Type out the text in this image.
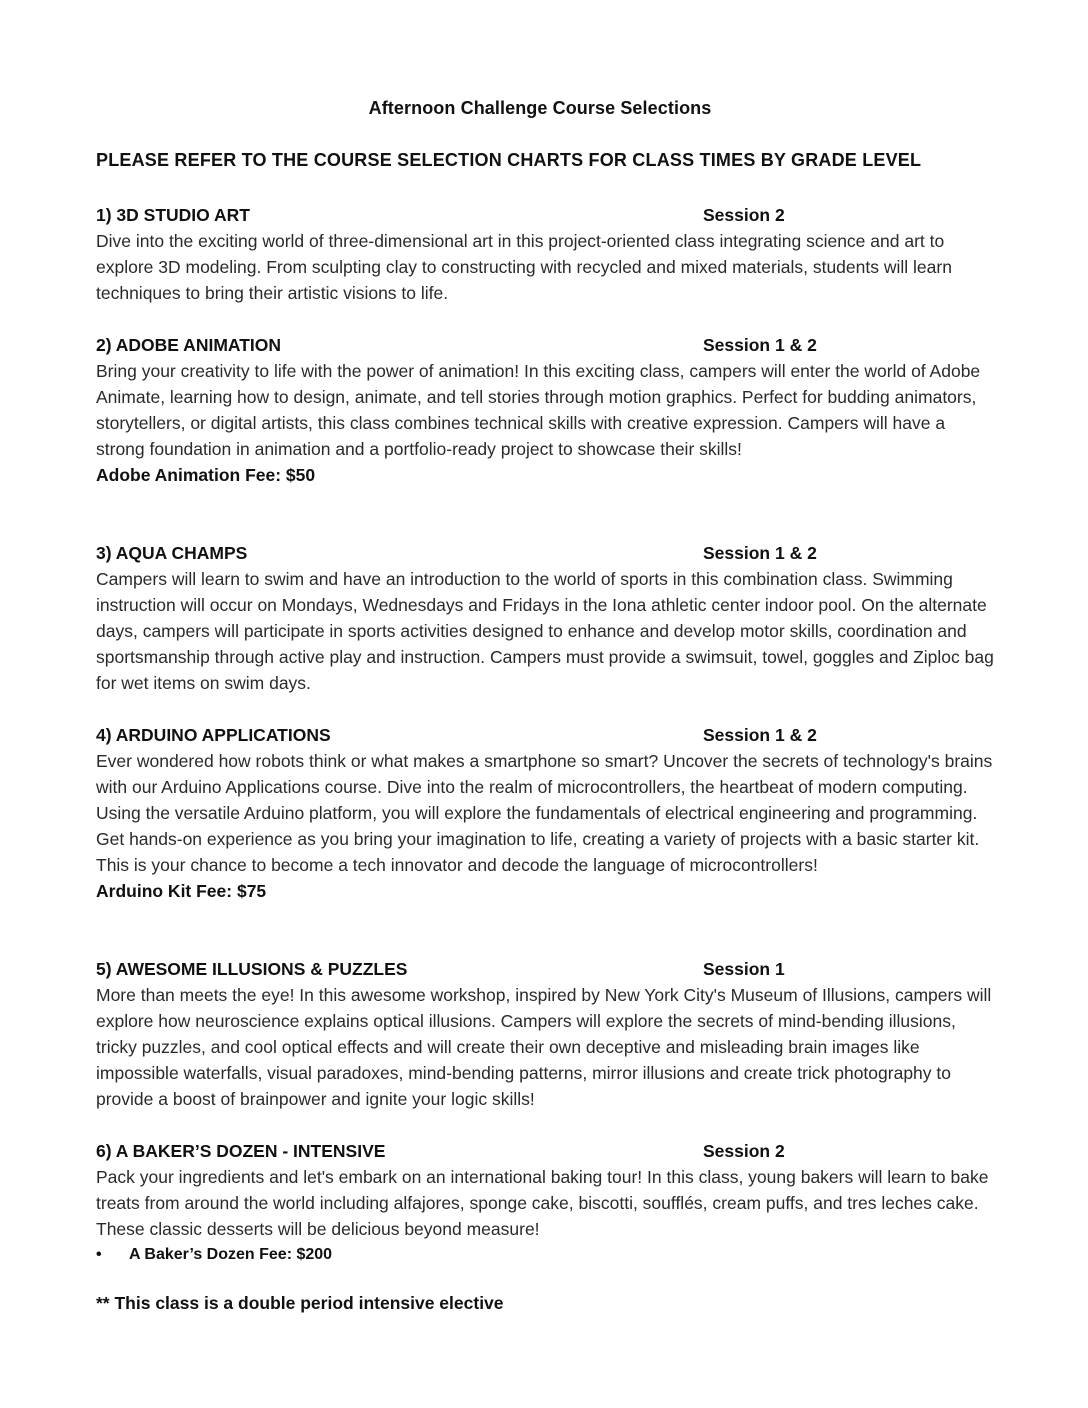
Afternoon Challenge Course Selections
PLEASE REFER TO THE COURSE SELECTION CHARTS FOR CLASS TIMES BY GRADE LEVEL
1) 3D STUDIO ART	Session 2

Dive into the exciting world of three-dimensional art in this project-oriented class integrating science and art to explore 3D modeling. From sculpting clay to constructing with recycled and mixed materials, students will learn techniques to bring their artistic visions to life.

2) ADOBE ANIMATION	Session 1 & 2

Bring your creativity to life with the power of animation! In this exciting class, campers will enter the world of Adobe Animate, learning how to design, animate, and tell stories through motion graphics. Perfect for budding animators, storytellers, or digital artists, this class combines technical skills with creative expression. Campers will have a strong foundation in animation and a portfolio-ready project to showcase their skills!

Adobe Animation Fee: $50
3) AQUA CHAMPS	Session 1 & 2

Campers will learn to swim and have an introduction to the world of sports in this combination class. Swimming instruction will occur on Mondays, Wednesdays and Fridays in the Iona athletic center indoor pool. On the alternate days, campers will participate in sports activities designed to enhance and develop motor skills, coordination and sportsmanship through active play and instruction. Campers must provide a swimsuit, towel, goggles and Ziploc bag for wet items on swim days.

4) ARDUINO APPLICATIONS	Session 1 & 2

Ever wondered how robots think or what makes a smartphone so smart? Uncover the secrets of technology's brains with our Arduino Applications course. Dive into the realm of microcontrollers, the heartbeat of modern computing. Using the versatile Arduino platform, you will explore the fundamentals of electrical engineering and programming. Get hands-on experience as you bring your imagination to life, creating a variety of projects with a basic starter kit. This is your chance to become a tech innovator and decode the language of microcontrollers!

Arduino Kit Fee: $75
5) AWESOME ILLUSIONS & PUZZLES	Session 1

More than meets the eye! In this awesome workshop, inspired by New York City's Museum of Illusions, campers will explore how neuroscience explains optical illusions. Campers will explore the secrets of mind-bending illusions, tricky puzzles, and cool optical effects and will create their own deceptive and misleading brain images like impossible waterfalls, visual paradoxes, mind-bending patterns, mirror illusions and create trick photography to provide a boost of brainpower and ignite your logic skills!

6) A BAKER’S DOZEN - INTENSIVE	Session 2

Pack your ingredients and let's embark on an international baking tour! In this class, young bakers will learn to bake treats from around the world including alfajores, sponge cake, biscotti, soufflés, cream puffs, and tres leches cake. These classic desserts will be delicious beyond measure!

• A Baker’s Dozen Fee: $200
** This class is a double period intensive elective
